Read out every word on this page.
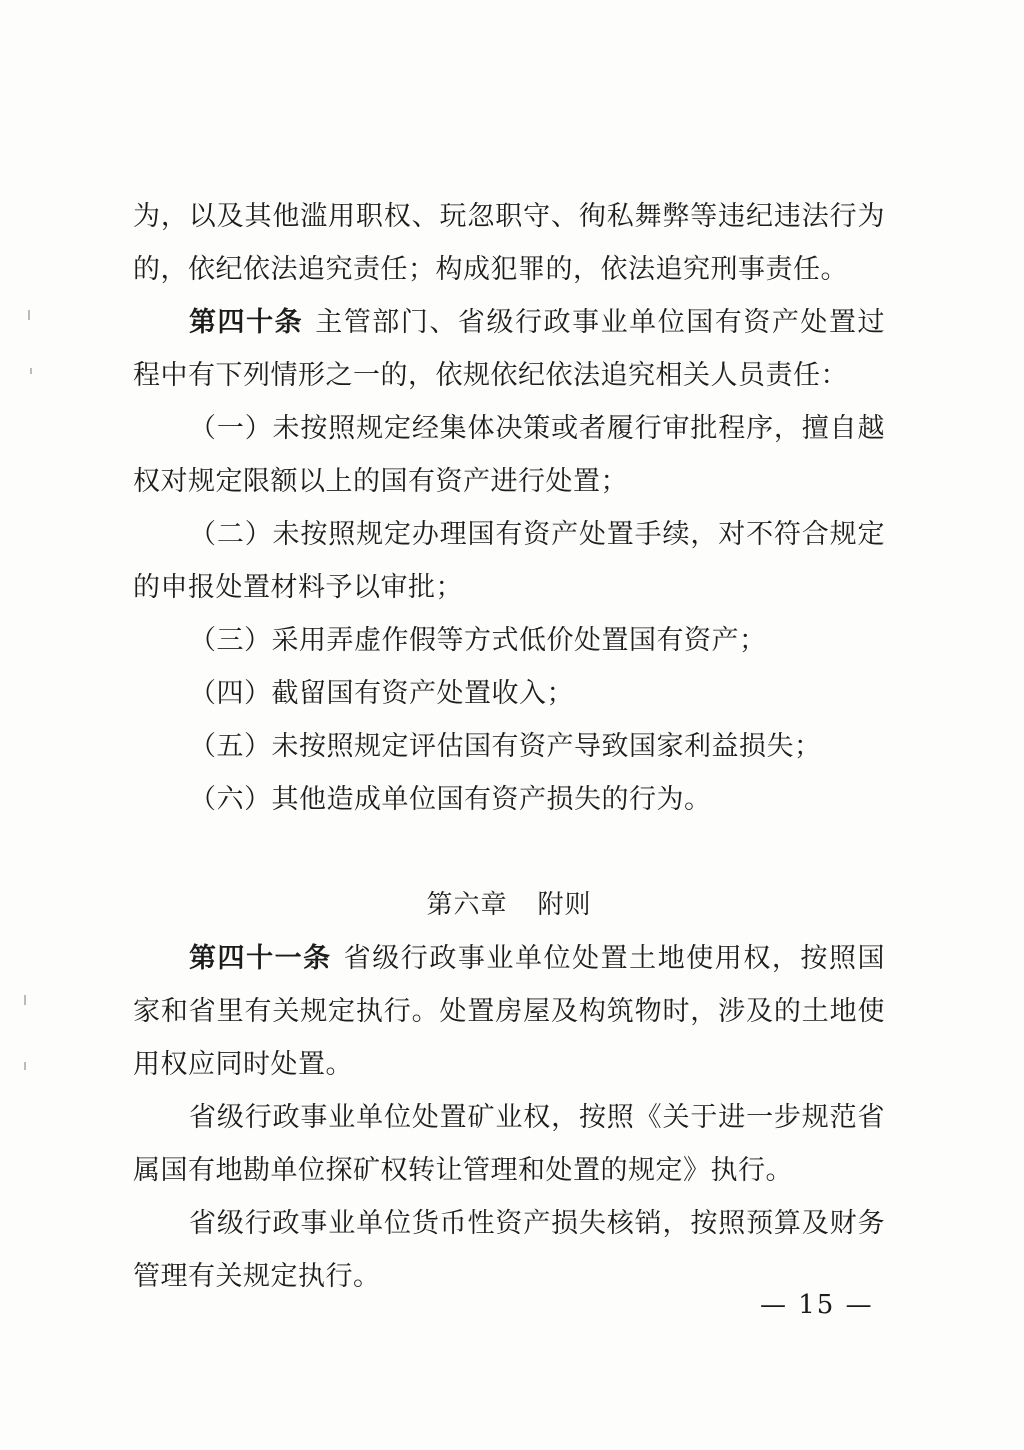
为，以及其他滥用职权、玩忽职守、徇私舞弊等违纪违法行为的，依纪依法追究责任；构成犯罪的，依法追究刑事责任。

第四十条 主管部门、省级行政事业单位国有资产处置过程中有下列情形之一的，依规依纪依法追究相关人员责任：

（一）未按照规定经集体决策或者履行审批程序，擅自越权对规定限额以上的国有资产进行处置；

（二）未按照规定办理国有资产处置手续，对不符合规定的申报处置材料予以审批；

（三）采用弄虚作假等方式低价处置国有资产；

（四）截留国有资产处置收入；

（五）未按照规定评估国有资产导致国家利益损失；

（六）其他造成单位国有资产损失的行为。

第六章 附则

第四十一条 省级行政事业单位处置土地使用权，按照国家和省里有关规定执行。处置房屋及构筑物时，涉及的土地使用权应同时处置。

省级行政事业单位处置矿业权，按照《关于进一步规范省属国有地勘单位探矿权转让管理和处置的规定》执行。

省级行政事业单位货币性资产损失核销，按照预算及财务管理有关规定执行。

— 15 —
